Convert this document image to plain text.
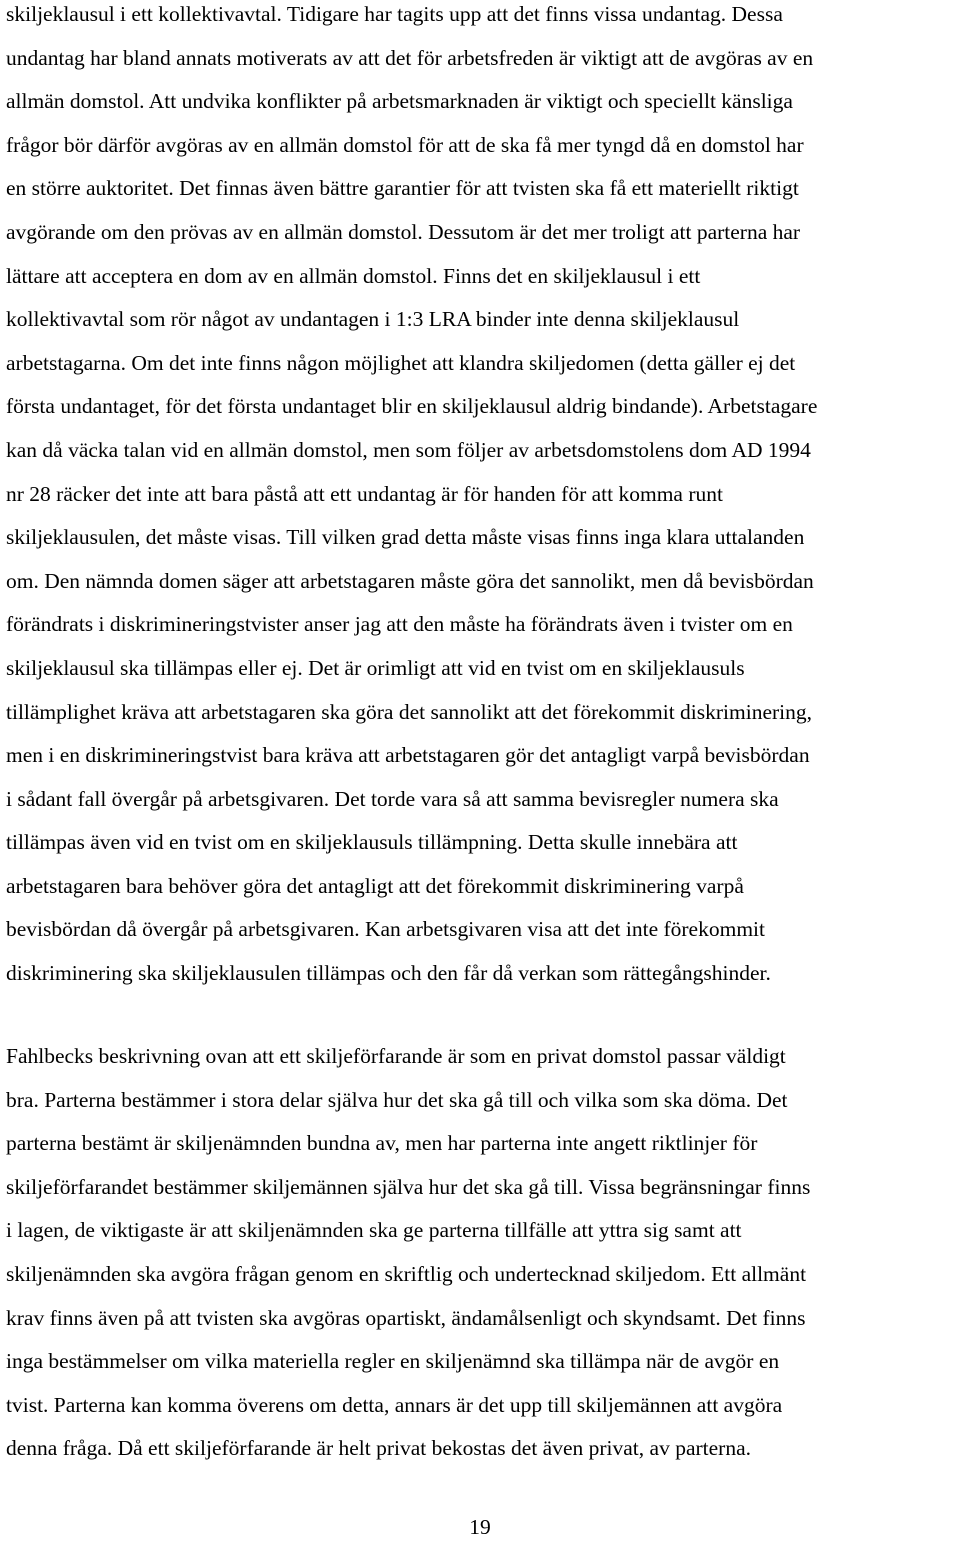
skiljeklausul i ett kollektivavtal. Tidigare har tagits upp att det finns vissa undantag. Dessa
undantag har bland annats motiverats av att det för arbetsfreden är viktigt att de avgöras av en
allmän domstol. Att undvika konflikter på arbetsmarknaden är viktigt och speciellt känsliga
frågor bör därför avgöras av en allmän domstol för att de ska få mer tyngd då en domstol har
en större auktoritet. Det finnas även bättre garantier för att tvisten ska få ett materiellt riktigt
avgörande om den prövas av en allmän domstol. Dessutom är det mer troligt att parterna har
lättare att acceptera en dom av en allmän domstol. Finns det en skiljeklausul i ett
kollektivavtal som rör något av undantagen i 1:3 LRA binder inte denna skiljeklausul
arbetstagarna. Om det inte finns någon möjlighet att klandra skiljedomen (detta gäller ej det
första undantaget, för det första undantaget blir en skiljeklausul aldrig bindande). Arbetstagare
kan då väcka talan vid en allmän domstol, men som följer av arbetsdomstolens dom AD 1994
nr 28 räcker det inte att bara påstå att ett undantag är för handen för att komma runt
skiljeklausulen, det måste visas. Till vilken grad detta måste visas finns inga klara uttalanden
om. Den nämnda domen säger att arbetstagaren måste göra det sannolikt, men då bevisbördan
förändrats i diskrimineringstvister anser jag att den måste ha förändrats även i tvister om en
skiljeklausul ska tillämpas eller ej. Det är orimligt att vid en tvist om en skiljeklausuls
tillämplighet kräva att arbetstagaren ska göra det sannolikt att det förekommit diskriminering,
men i en diskrimineringstvist bara kräva att arbetstagaren gör det antagligt varpå bevisbördan
i sådant fall övergår på arbetsgivaren. Det torde vara så att samma bevisregler numera ska
tillämpas även vid en tvist om en skiljeklausuls tillämpning. Detta skulle innebära att
arbetstagaren bara behöver göra det antagligt att det förekommit diskriminering varpå
bevisbördan då övergår på arbetsgivaren. Kan arbetsgivaren visa att det inte förekommit
diskriminering ska skiljeklausulen tillämpas och den får då verkan som rättegångshinder.
Fahlbecks beskrivning ovan att ett skiljeförfarande är som en privat domstol passar väldigt
bra. Parterna bestämmer i stora delar själva hur det ska gå till och vilka som ska döma. Det
parterna bestämt är skiljenämnden bundna av, men har parterna inte angett riktlinjer för
skiljeförfarandet bestämmer skiljemännen själva hur det ska gå till. Vissa begränsningar finns
i lagen, de viktigaste är att skiljenämnden ska ge parterna tillfälle att yttra sig samt att
skiljenämnden ska avgöra frågan genom en skriftlig och undertecknad skiljedom. Ett allmänt
krav finns även på att tvisten ska avgöras opartiskt, ändamålsenligt och skyndsamt. Det finns
inga bestämmelser om vilka materiella regler en skiljenämnd ska tillämpa när de avgör en
tvist. Parterna kan komma överens om detta, annars är det upp till skiljemännen att avgöra
denna fråga. Då ett skiljeförfarande är helt privat bekostas det även privat, av parterna.
19
